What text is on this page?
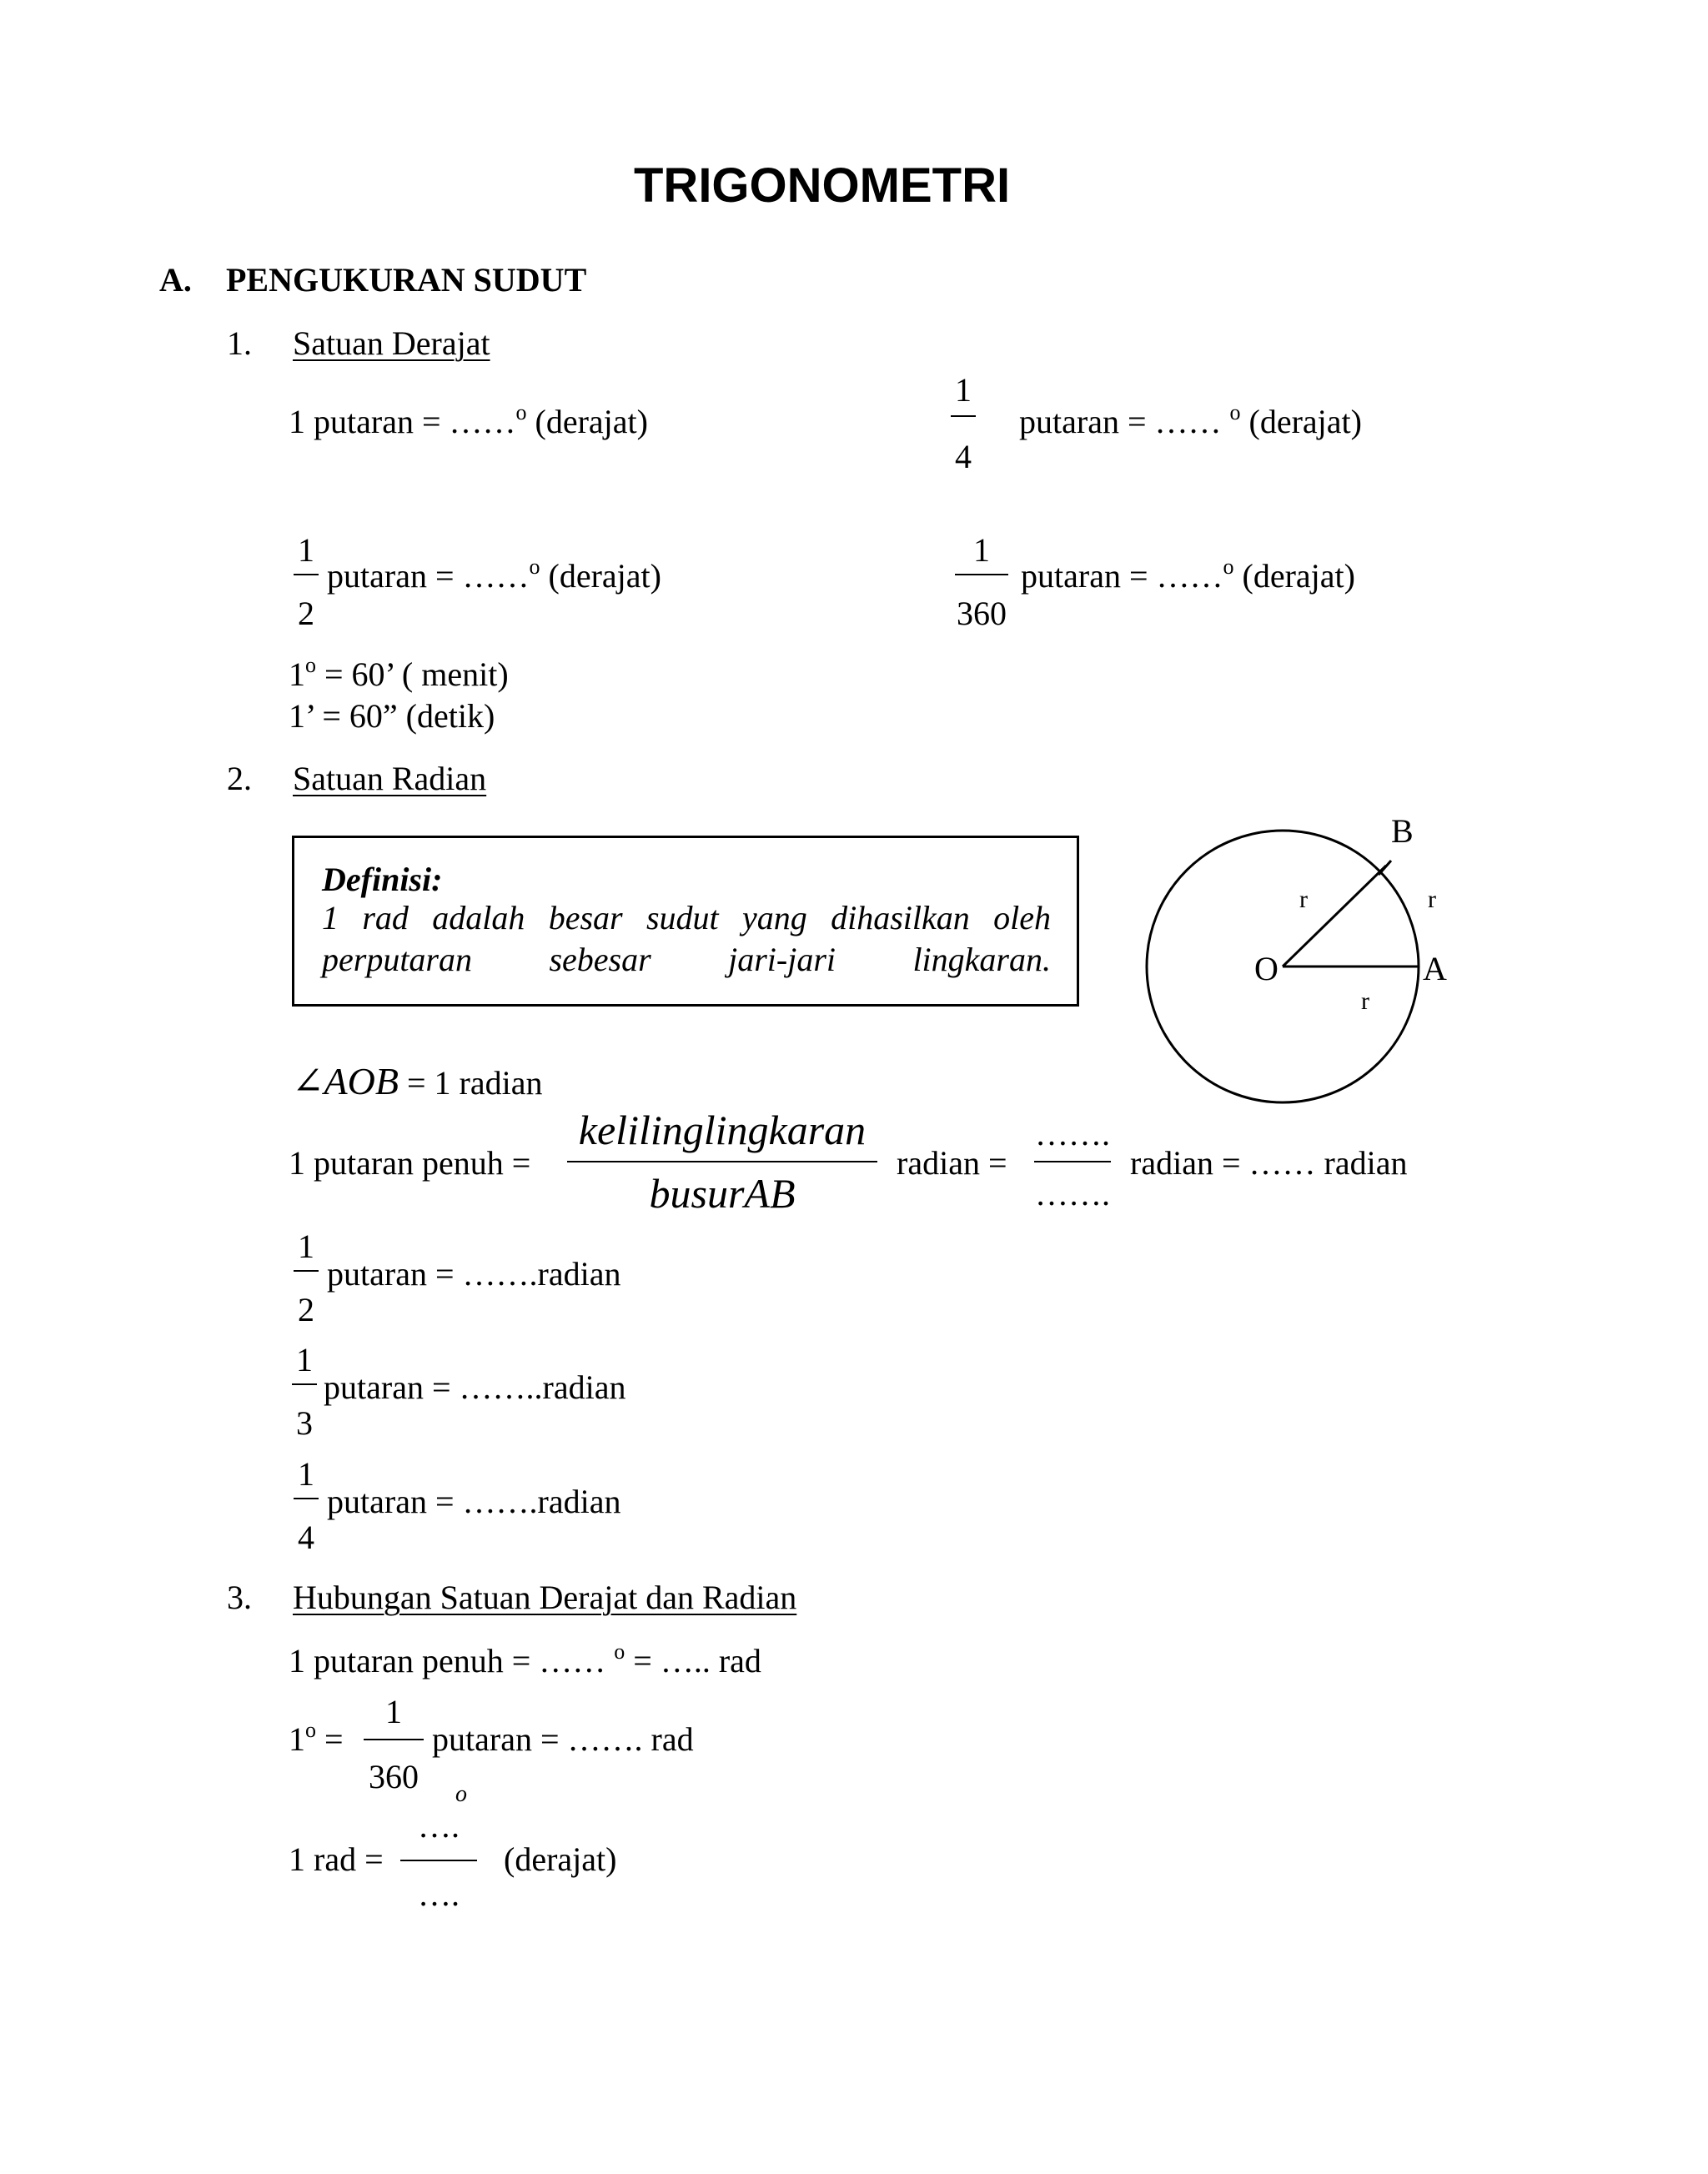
TRIGONOMETRI
A. PENGUKURAN SUDUT
1. Satuan Derajat
1 putaran = ……$^o$ (derajat)
1
4
putaran = …… $^o$ (derajat)
1
2
putaran = ……$^o$ (derajat)
1
360
putaran = ……$^o$ (derajat)
$1^o = 60$’ ( menit)
1’ = 60” (detik)
2. Satuan Radian
Definisi:
1 rad adalah besar sudut yang dihasilkan oleh
perputaran sebesar jari-jari lingkaran.
B
O	A
r	r
r
∠AOB = 1 radian
1 putaran penuh =
kelilinglingkaran
busurAB
radian =
…….
…….
radian = …… radian
1
2
putaran = …….radian
1
3
putaran = ……..radian
1
4
putaran = …….radian
3. Hubungan Satuan Derajat dan Radian
1 putaran penuh = …… $^o$ = ….. rad
$1^o$ =
1
360
putaran = ……. rad
1 rad =
….
o
….
(derajat)
